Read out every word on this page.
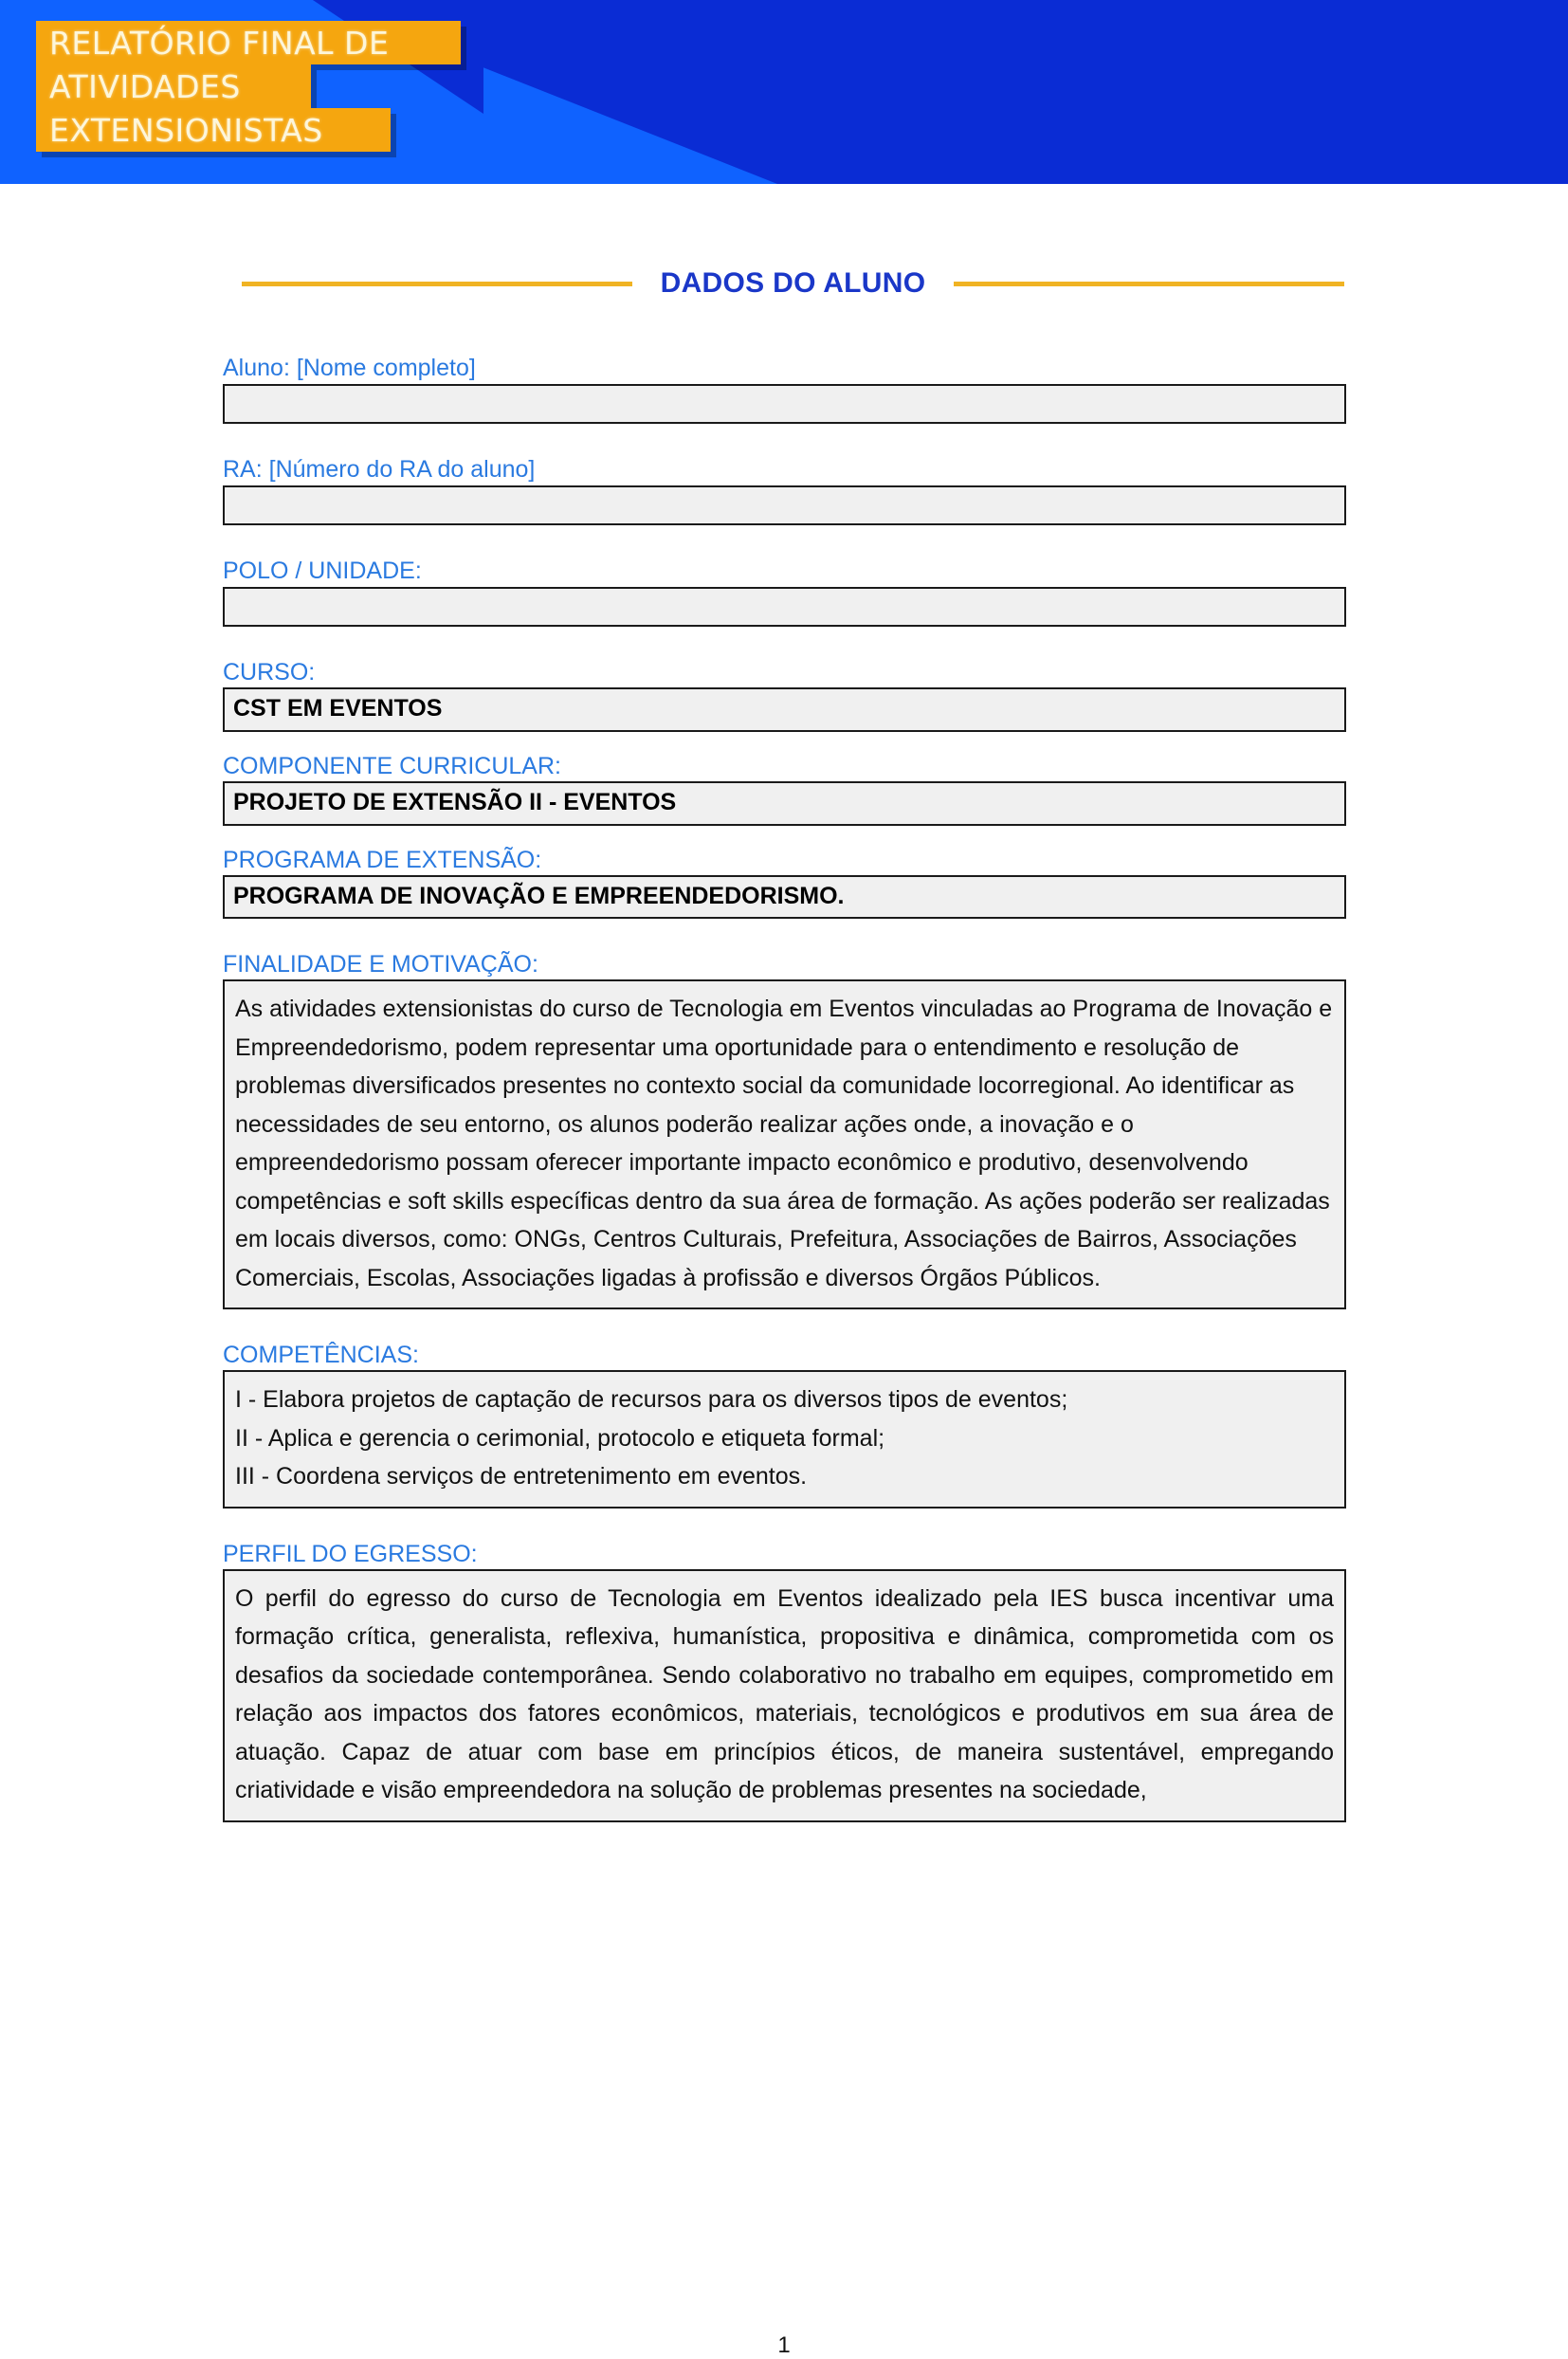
RELATÓRIO FINAL DE
ATIVIDADES
EXTENSIONISTAS
DADOS DO ALUNO
Aluno: [Nome completo]
RA: [Número do RA do aluno]
POLO / UNIDADE:
CURSO:
CST EM EVENTOS
COMPONENTE CURRICULAR:
PROJETO DE EXTENSÃO II - EVENTOS
PROGRAMA DE EXTENSÃO:
PROGRAMA DE INOVAÇÃO E EMPREENDEDORISMO.
FINALIDADE E MOTIVAÇÃO:
As atividades extensionistas do curso de Tecnologia em Eventos vinculadas ao Programa de Inovação e Empreendedorismo, podem representar uma oportunidade para o entendimento e resolução de problemas diversificados presentes no contexto social da comunidade locorregional. Ao identificar as necessidades de seu entorno, os alunos poderão realizar ações onde, a inovação e o empreendedorismo possam oferecer importante impacto econômico e produtivo, desenvolvendo competências e soft skills específicas dentro da sua área de formação. As ações poderão ser realizadas em locais diversos, como: ONGs, Centros Culturais, Prefeitura, Associações de Bairros, Associações Comerciais, Escolas, Associações ligadas à profissão e diversos Órgãos Públicos.
COMPETÊNCIAS:
I - Elabora projetos de captação de recursos para os diversos tipos de eventos;
II - Aplica e gerencia o cerimonial, protocolo e etiqueta formal;
III - Coordena serviços de entretenimento em eventos.
PERFIL DO EGRESSO:
O perfil do egresso do curso de Tecnologia em Eventos idealizado pela IES busca incentivar uma formação crítica, generalista, reflexiva, humanística, propositiva e dinâmica, comprometida com os desafios da sociedade contemporânea. Sendo colaborativo no trabalho em equipes, comprometido em relação aos impactos dos fatores econômicos, materiais, tecnológicos e produtivos em sua área de atuação. Capaz de atuar com base em princípios éticos, de maneira sustentável, empregando criatividade e visão empreendedora na solução de problemas presentes na sociedade,
1
